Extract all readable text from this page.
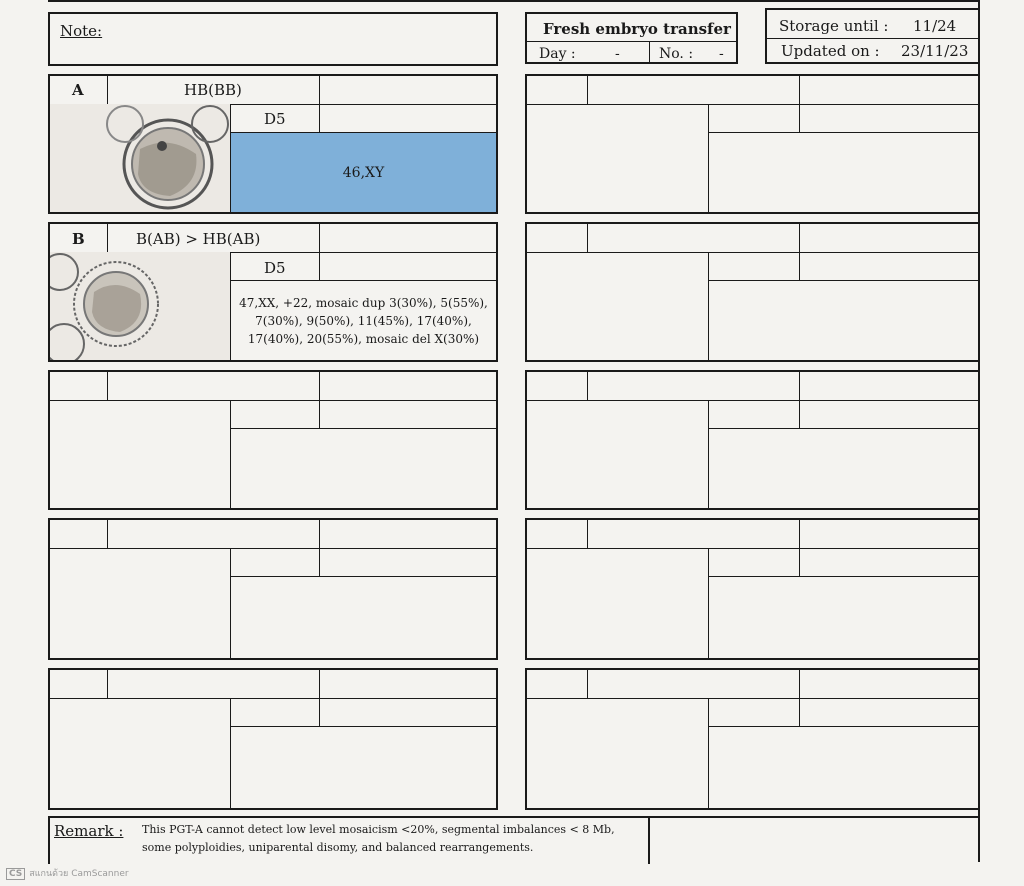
Note:	Fresh embryo transfer
Day :	-	No. : -
Storage until : 11/24
Updated on : 23/11/23
A	HB(BB)
D5
46,XY
B	B(AB) > HB(AB)
D5
47,XX, +22, mosaic dup 3(30%), 5(55%),
7(30%), 9(50%), 11(45%), 17(40%),
17(40%), 20(55%), mosaic del X(30%)
Remark : This PGT-A cannot detect low level mosaicism <20%, segmental imbalances < 8 Mb,
some polyploidies, uniparental disomy, and balanced rearrangements.
CS สแกนด้วย CamScanner
